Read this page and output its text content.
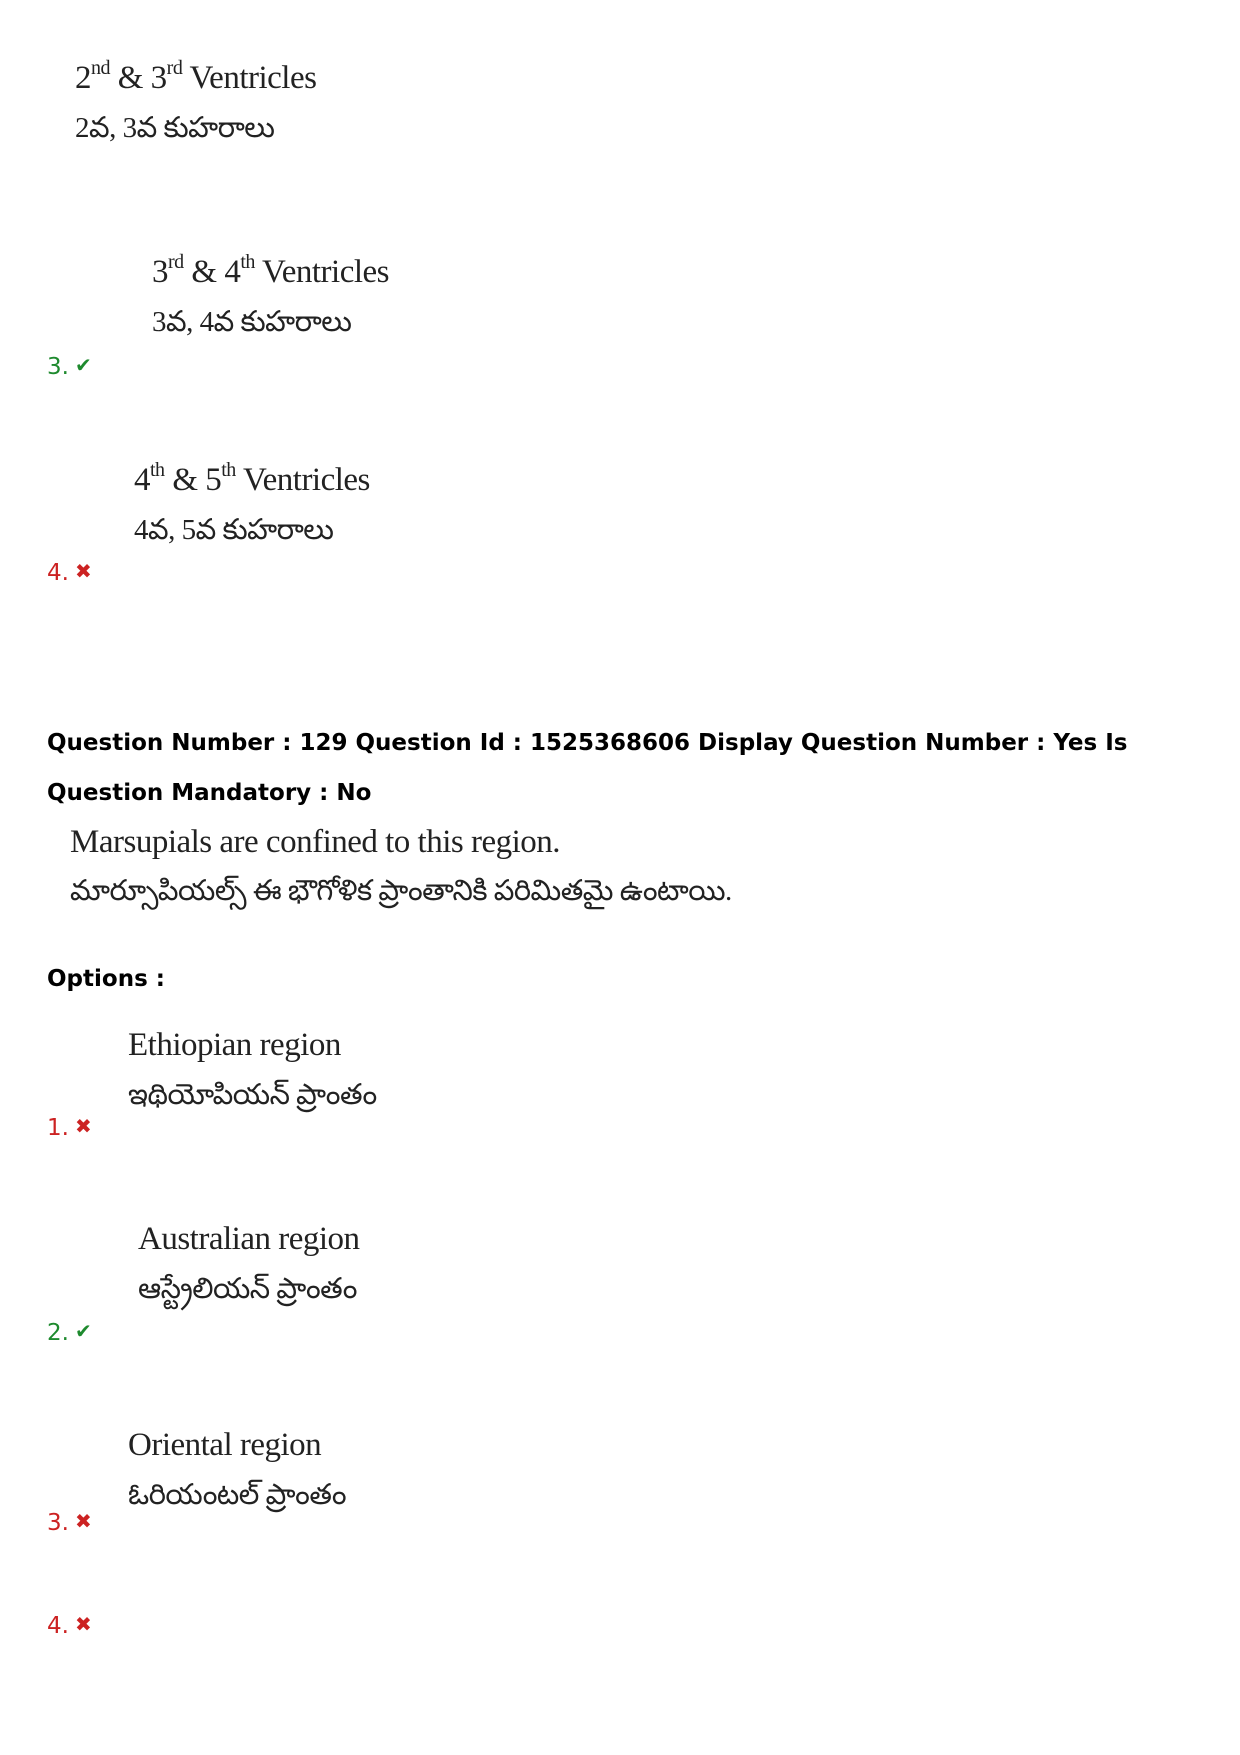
2nd & 3rd Ventricles
2వ, 3వ కుహరాలు
3rd & 4th Ventricles
3వ, 4వ కుహరాలు
3. ✔
4th & 5th Ventricles
4వ, 5వ కుహరాలు
4. ✖
Question Number : 129 Question Id : 1525368606 Display Question Number : Yes Is Question Mandatory : No
Marsupials are confined to this region.
మార్సూపియల్స్ ఈ భౌగోళిక ప్రాంతానికి పరిమితమై ఉంటాయి.
Options :
Ethiopian region
ఇథియోపియన్ ప్రాంతం
1. ✖
Australian region
ఆస్ట్రేలియన్ ప్రాంతం
2. ✔
Oriental region
ఓరియంటల్ ప్రాంతం
3. ✖
4. ✖
